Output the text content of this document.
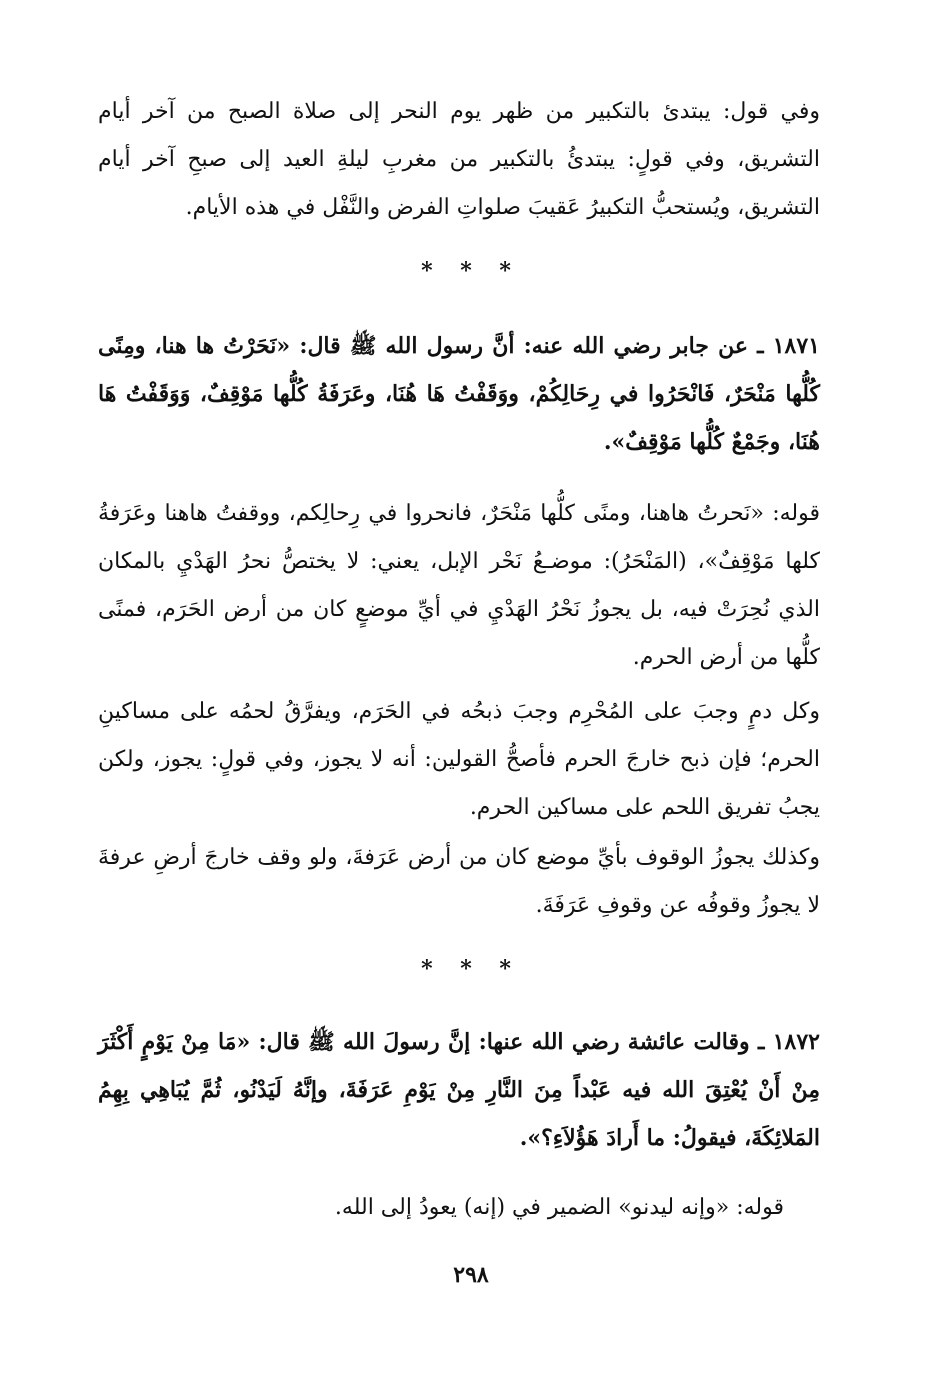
وفي قول: يبتدئ بالتكبير من ظهر يوم النحر إلى صلاة الصبح من آخر أيام التشريق، وفي قولٍ: يبتدئُ بالتكبير من مغربِ ليلةِ العيد إلى صبحِ آخر أيام التشريق، ويُستحبُّ التكبيرُ عَقيبَ صلواتِ الفرض والنَّفْل في هذه الأيام.

* * *

١٨٧١ ـ عن جابر رضي الله عنه: أنَّ رسول الله ﷺ قال: «نَحَرْتُ ها هنا، ومِنًى كُلُّها مَنْحَرٌ، فَانْحَرُوا في رِحَالِكُمْ، ووَقَفْتُ هَا هُنَا، وعَرَفَةُ كُلُّها مَوْقِفٌ، وَوَقَفْتُ هَا هُنَا، وجَمْعٌ كُلُّها مَوْقِفٌ».

قوله: «نَحرتُ هاهنا، ومنًى كلُّها مَنْحَرٌ، فانحروا في رِحالِكم، ووقفتُ هاهنا وعَرَفةُ كلها مَوْقِفٌ»، (المَنْحَرُ): موضـعُ نَحْر الإبل، يعني: لا يختصُّ نحرُ الهَدْيِ بالمكان الذي نُحِرَتْ فيه، بل يجوزُ نَحْرُ الهَدْيِ في أيِّ موضعٍ كان من أرض الحَرَم، فمنًى كلُّها من أرض الحرم.

وكل دمٍ وجبَ على المُحْرِم وجبَ ذبحُه في الحَرَم، ويفرَّقُ لحمُه على مساكينِ الحرم؛ فإن ذبح خارجَ الحرم فأصحُّ القولين: أنه لا يجوز، وفي قولٍ: يجوز، ولكن يجبُ تفريق اللحم على مساكين الحرم.

وكذلك يجوزُ الوقوف بأيِّ موضع كان من أرض عَرَفةَ، ولو وقف خارجَ أرضِ عرفةَ لا يجوزُ وقوفُه عن وقوفِ عَرَفَةَ.

* * *

١٨٧٢ ـ وقالت عائشة رضي الله عنها: إنَّ رسولَ الله ﷺ قال: «مَا مِنْ يَوْمٍ أَكْثَرَ مِنْ أَنْ يُعْتِقَ الله فيه عَبْداً مِنَ النَّارِ مِنْ يَوْمِ عَرَفَةَ، وإنَّهُ لَيَدْنُو، ثُمَّ يُبَاهِي بِهِمُ المَلائِكَةَ، فيقولُ: ما أَرادَ هَؤُلاَءِ؟».

قوله: «وإنه ليدنو» الضمير في (إنه) يعودُ إلى الله.

٢٩٨
